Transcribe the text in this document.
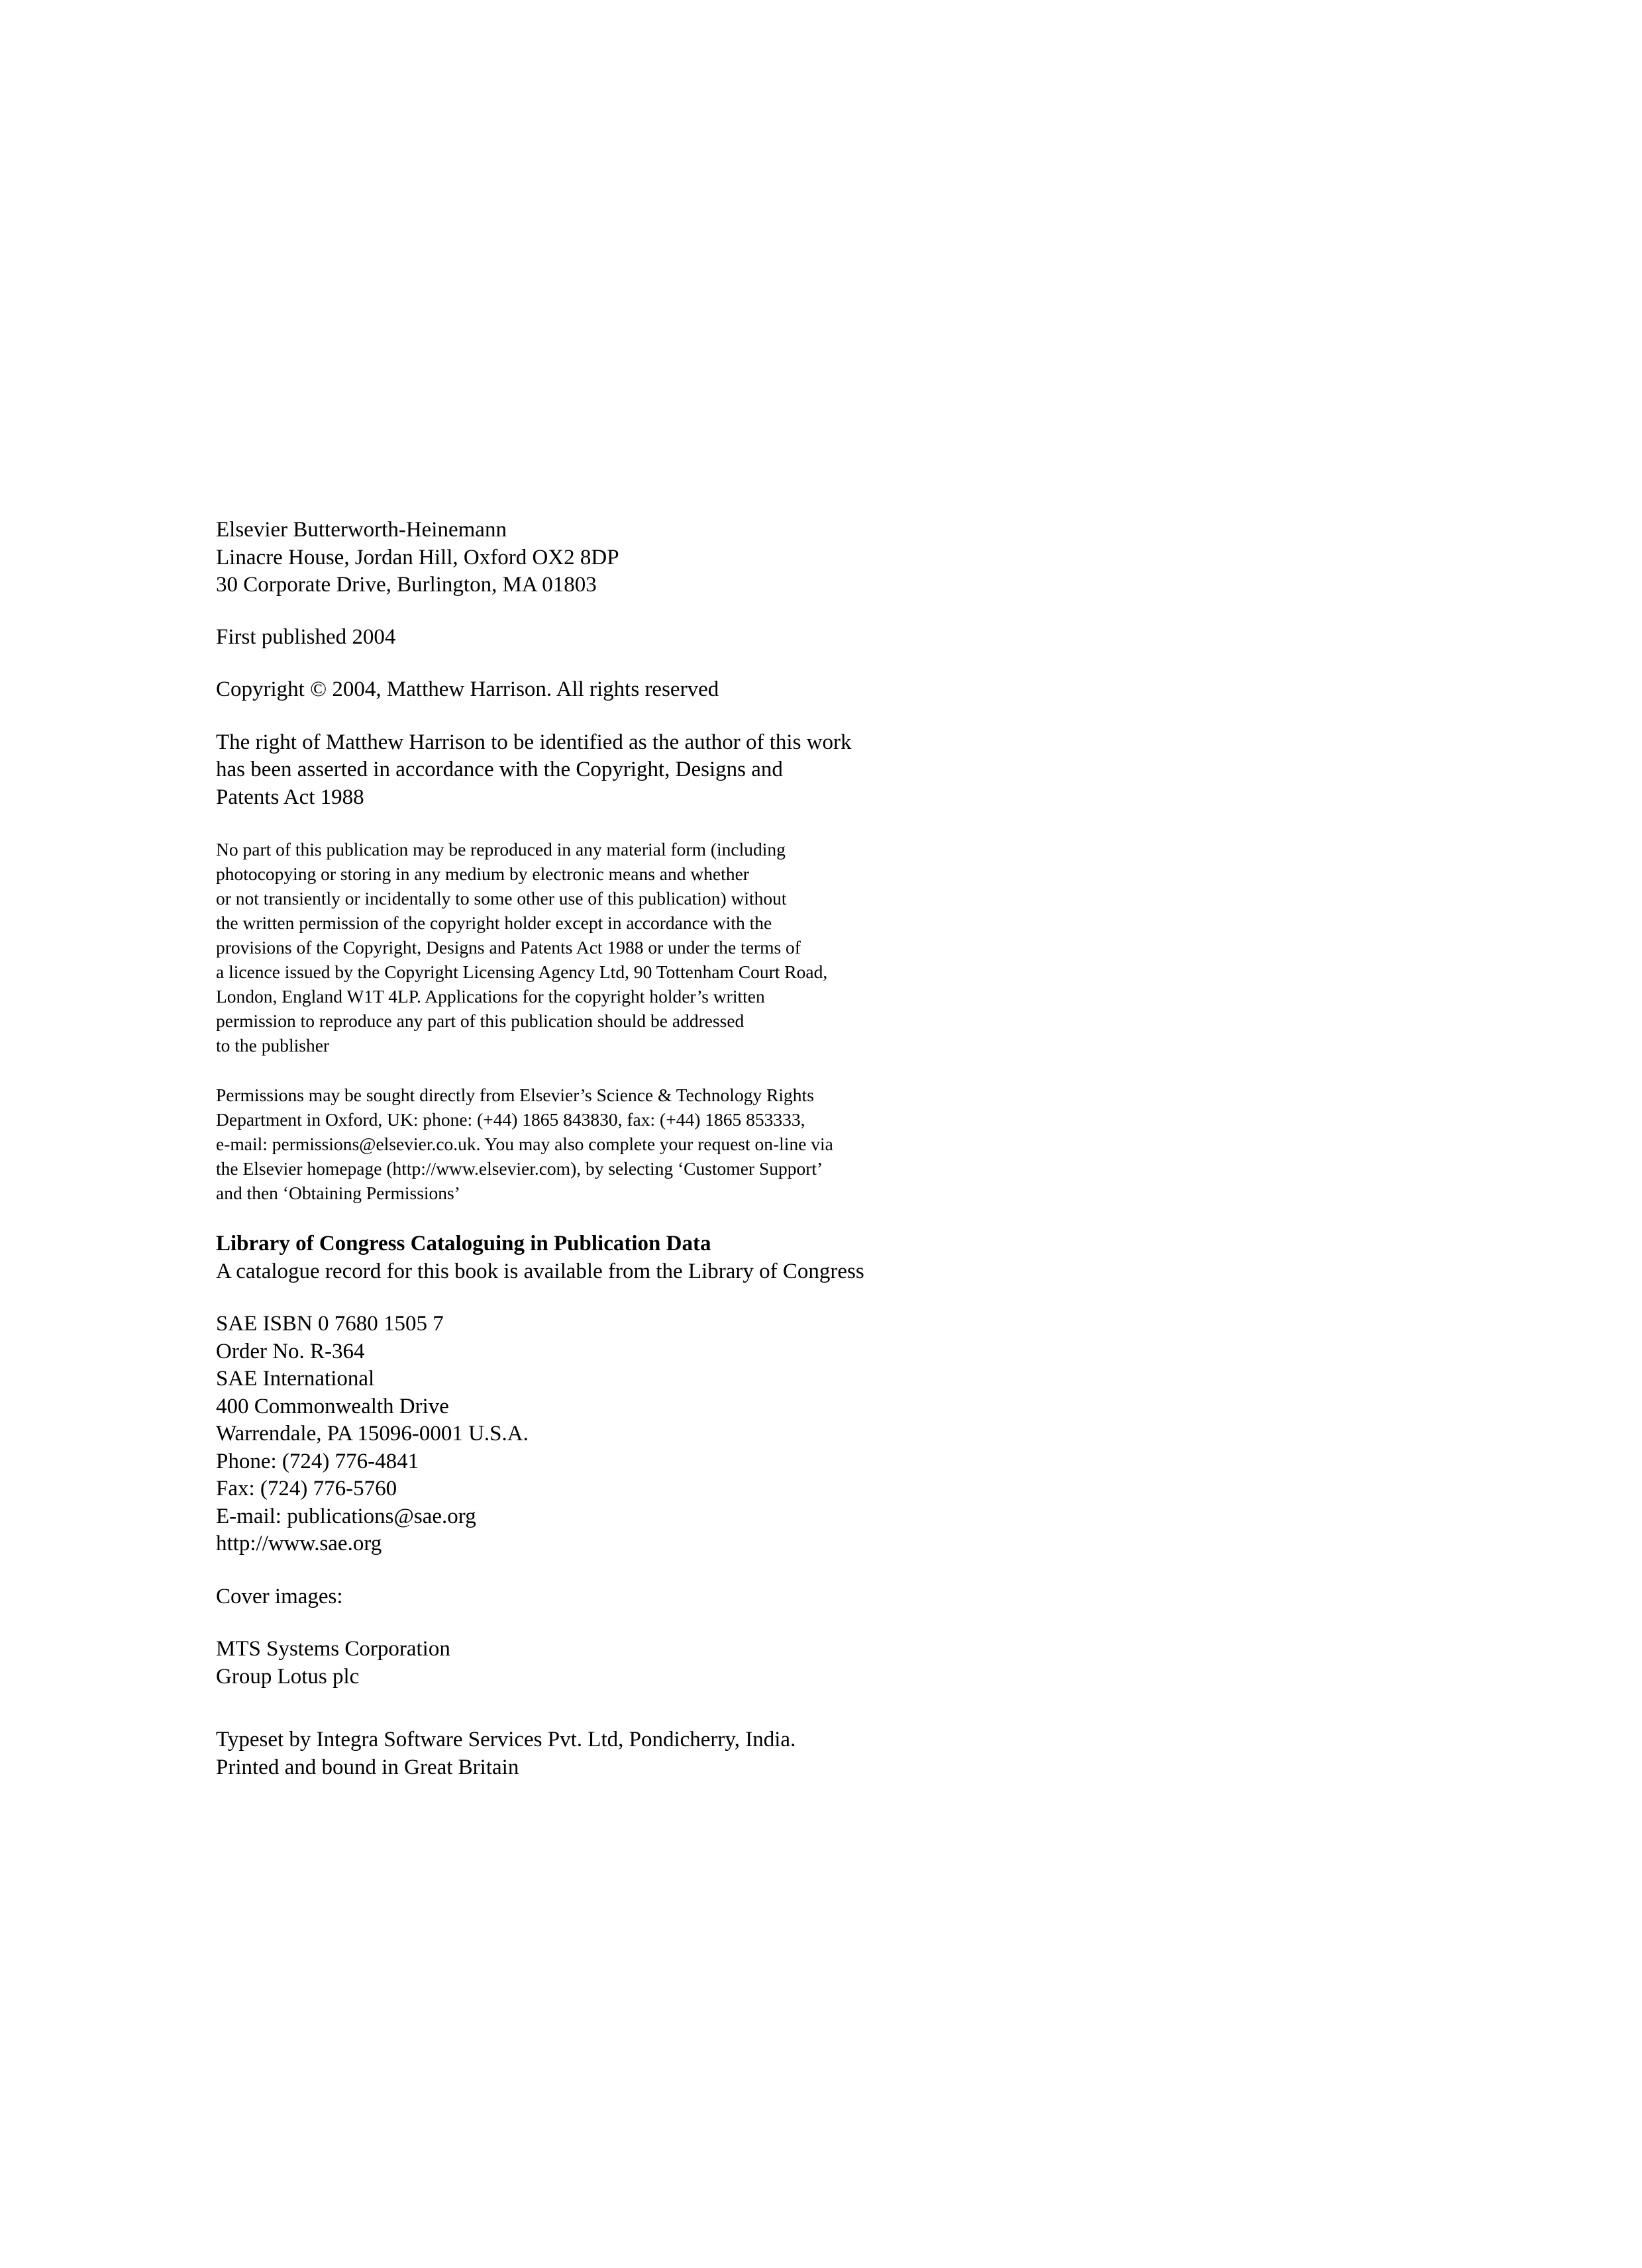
Elsevier Butterworth-Heinemann
Linacre House, Jordan Hill, Oxford OX2 8DP
30 Corporate Drive, Burlington, MA 01803
First published 2004
Copyright © 2004, Matthew Harrison. All rights reserved
The right of Matthew Harrison to be identified as the author of this work
has been asserted in accordance with the Copyright, Designs and
Patents Act 1988
No part of this publication may be reproduced in any material form (including
photocopying or storing in any medium by electronic means and whether
or not transiently or incidentally to some other use of this publication) without
the written permission of the copyright holder except in accordance with the
provisions of the Copyright, Designs and Patents Act 1988 or under the terms of
a licence issued by the Copyright Licensing Agency Ltd, 90 Tottenham Court Road,
London, England W1T 4LP. Applications for the copyright holder’s written
permission to reproduce any part of this publication should be addressed
to the publisher
Permissions may be sought directly from Elsevier’s Science & Technology Rights
Department in Oxford, UK: phone: (+44) 1865 843830, fax: (+44) 1865 853333,
e-mail: permissions@elsevier.co.uk. You may also complete your request on-line via
the Elsevier homepage (http://www.elsevier.com), by selecting ‘Customer Support’
and then ‘Obtaining Permissions’
Library of Congress Cataloguing in Publication Data
A catalogue record for this book is available from the Library of Congress
SAE ISBN 0 7680 1505 7
Order No. R-364
SAE International
400 Commonwealth Drive
Warrendale, PA 15096-0001 U.S.A.
Phone: (724) 776-4841
Fax: (724) 776-5760
E-mail: publications@sae.org
http://www.sae.org
Cover images:
MTS Systems Corporation
Group Lotus plc
Typeset by Integra Software Services Pvt. Ltd, Pondicherry, India.
Printed and bound in Great Britain
